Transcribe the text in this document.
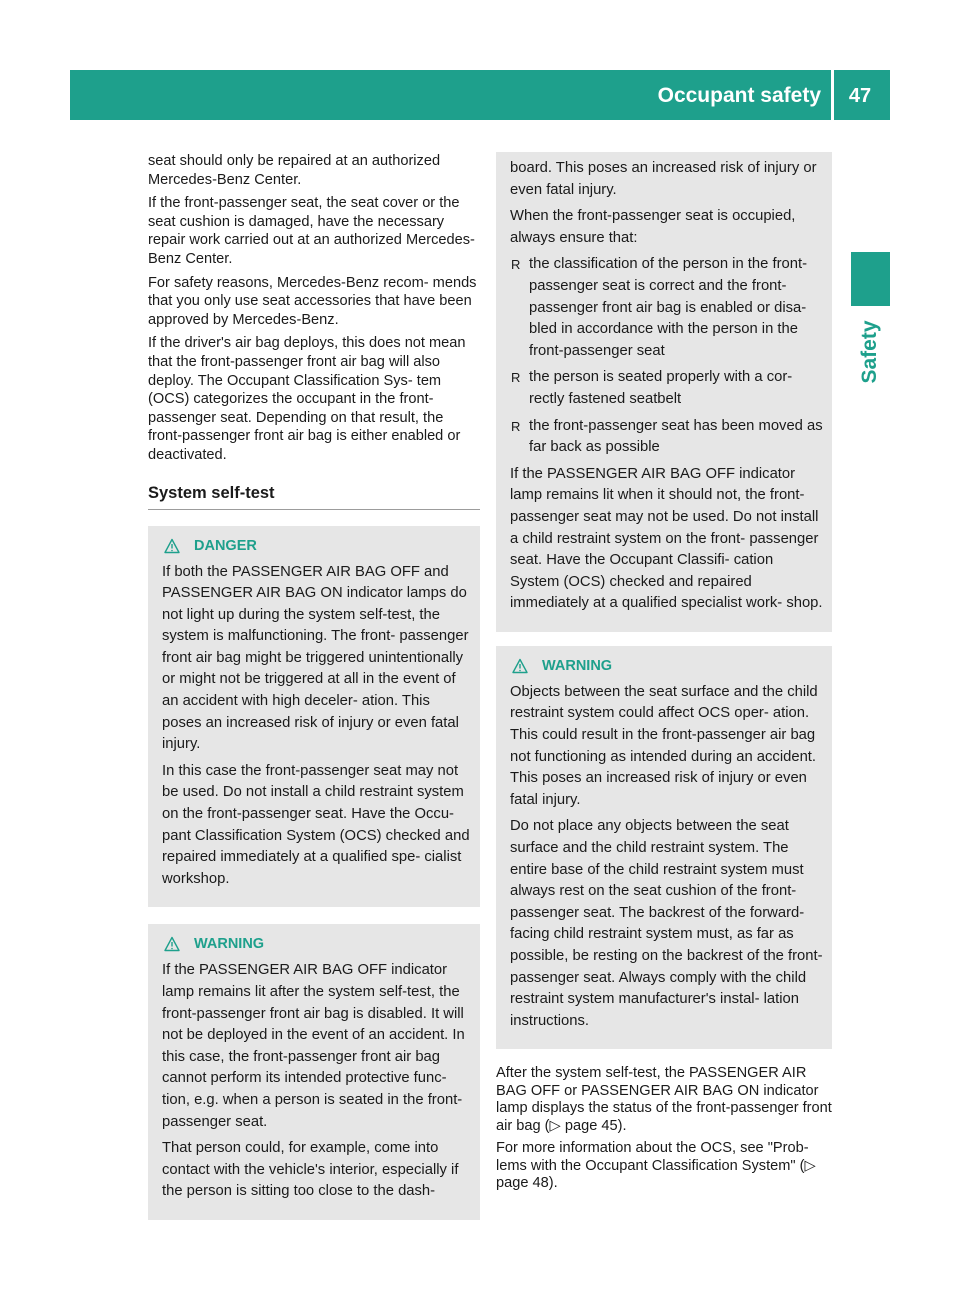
Occupant safety	47
Safety

seat should only be repaired at an authorized Mercedes-Benz Center.

If the front-passenger seat, the seat cover or the seat cushion is damaged, have the necessary repair work carried out at an authorized Mercedes-Benz Center.

For safety reasons, Mercedes-Benz recom- mends that you only use seat accessories that have been approved by Mercedes-Benz.

If the driver's air bag deploys, this does not mean that the front-passenger front air bag will also deploy. The Occupant Classification Sys- tem (OCS) categorizes the occupant in the front- passenger seat. Depending on that result, the front-passenger front air bag is either enabled or deactivated.

System self-test
DANGER

If both the PASSENGER AIR BAG OFF and PASSENGER AIR BAG ON indicator lamps do not light up during the system self-test, the system is malfunctioning. The front- passenger front air bag might be triggered unintentionally or might not be triggered at all in the event of an accident with high deceler- ation. This poses an increased risk of injury or even fatal injury.

In this case the front-passenger seat may not be used. Do not install a child restraint system on the front-passenger seat. Have the Occu- pant Classification System (OCS) checked and repaired immediately at a qualified spe- cialist workshop.

WARNING

If the PASSENGER AIR BAG OFF indicator lamp remains lit after the system self-test, the front-passenger front air bag is disabled. It will not be deployed in the event of an accident. In this case, the front-passenger front air bag cannot perform its intended protective func- tion, e.g. when a person is seated in the front- passenger seat.

That person could, for example, come into contact with the vehicle's interior, especially if the person is sitting too close to the dash-

board. This poses an increased risk of injury or even fatal injury.

When the front-passenger seat is occupied, always ensure that:

R the classification of the person in the front- passenger seat is correct and the front- passenger front air bag is enabled or disa- bled in accordance with the person in the front-passenger seat
R the person is seated properly with a cor- rectly fastened seatbelt
R the front-passenger seat has been moved as far back as possible

If the PASSENGER AIR BAG OFF indicator lamp remains lit when it should not, the front- passenger seat may not be used. Do not install a child restraint system on the front- passenger seat. Have the Occupant Classifi- cation System (OCS) checked and repaired immediately at a qualified specialist work- shop.

WARNING

Objects between the seat surface and the child restraint system could affect OCS oper- ation. This could result in the front-passenger air bag not functioning as intended during an accident. This poses an increased risk of injury or even fatal injury.

Do not place any objects between the seat surface and the child restraint system. The entire base of the child restraint system must always rest on the seat cushion of the front- passenger seat. The backrest of the forward- facing child restraint system must, as far as possible, be resting on the backrest of the front-passenger seat. Always comply with the child restraint system manufacturer's instal- lation instructions.

After the system self-test, the PASSENGER AIR BAG OFF or PASSENGER AIR BAG ON indicator lamp displays the status of the front-passenger front air bag (▷ page 45).

For more information about the OCS, see "Prob- lems with the Occupant Classification System" (▷ page 48).
